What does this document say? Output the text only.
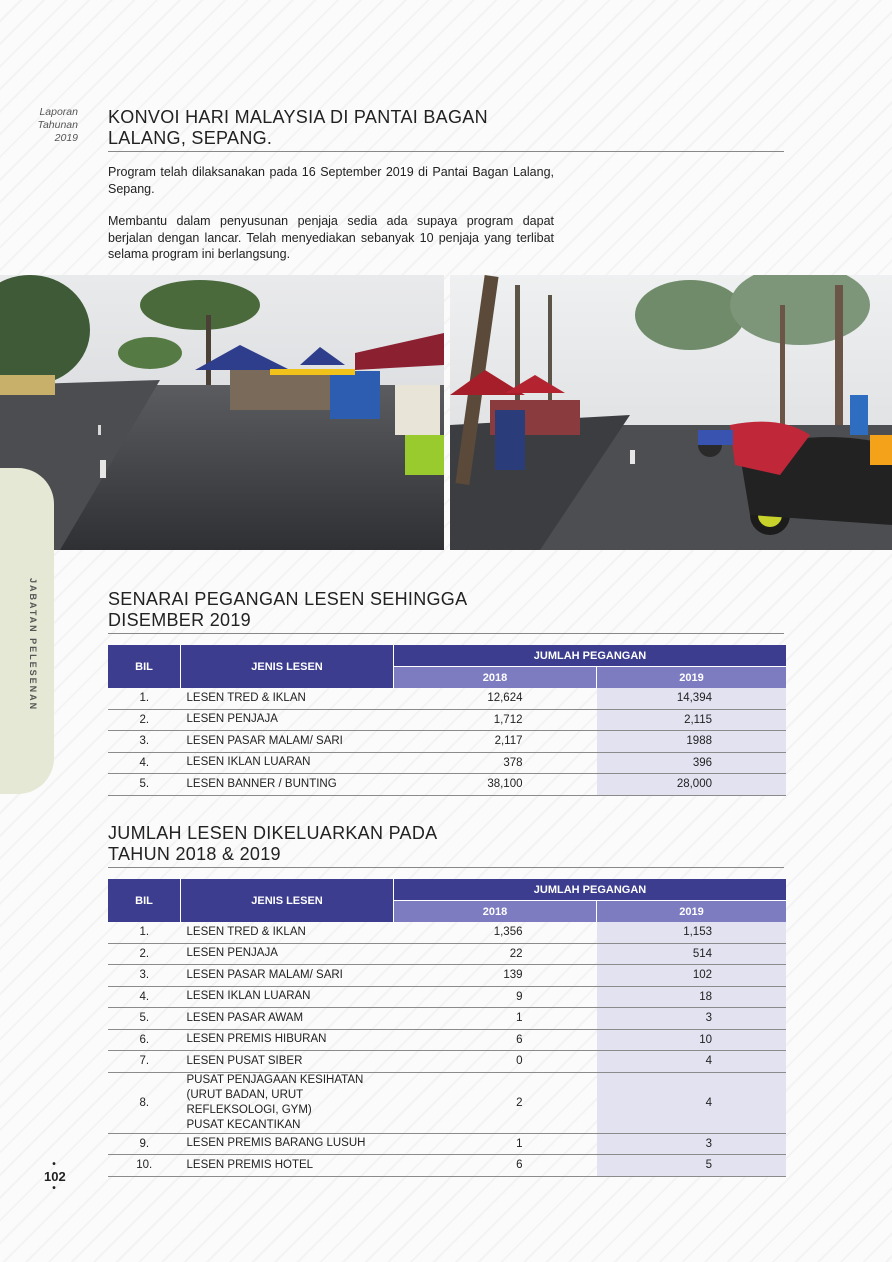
Laporan
Tahunan
2019
KONVOI HARI MALAYSIA DI PANTAI BAGAN
LALANG, SEPANG.
Program telah dilaksanakan pada 16 September 2019 di Pantai Bagan Lalang, Sepang.
Membantu dalam penyusunan penjaja sedia ada supaya program dapat berjalan dengan lancar. Telah menyediakan sebanyak 10 penjaja yang terlibat selama program ini berlangsung.
JABATAN PELESENAN	SENARAI PEGANGAN LESEN SEHINGGA
DISEMBER 2019
BIL	JENIS LESEN	JUMLAH PEGANGAN	
		2018	2019
1.	LESEN TRED & IKLAN	12,624	14,394
2.	LESEN PENJAJA	1,712	2,115
3.	LESEN PASAR MALAM/ SARI	2,117	1988
4.	LESEN IKLAN LUARAN	378	396
5.	LESEN BANNER / BUNTING	38,100	28,000
JUMLAH LESEN DIKELUARKAN PADA
TAHUN 2018 & 2019
BIL	JENIS LESEN	JUMLAH PEGANGAN	
		2018	2019
1.	LESEN TRED & IKLAN	1,356	1,153
2.	LESEN PENJAJA	22	514
3.	LESEN PASAR MALAM/ SARI	139	102
4.	LESEN IKLAN LUARAN	9	18
5.	LESEN PASAR AWAM	1	3
6.	LESEN PREMIS HIBURAN	6	10
7.	LESEN PUSAT SIBER	0	4
8.	PUSAT PENJAGAAN KESIHATAN
(URUT BADAN, URUT
REFLEKSOLOGI, GYM)
PUSAT KECANTIKAN	2	4
9.	LESEN PREMIS BARANG LUSUH	1	3
10.	LESEN PREMIS HOTEL	6	5
•
102
•
